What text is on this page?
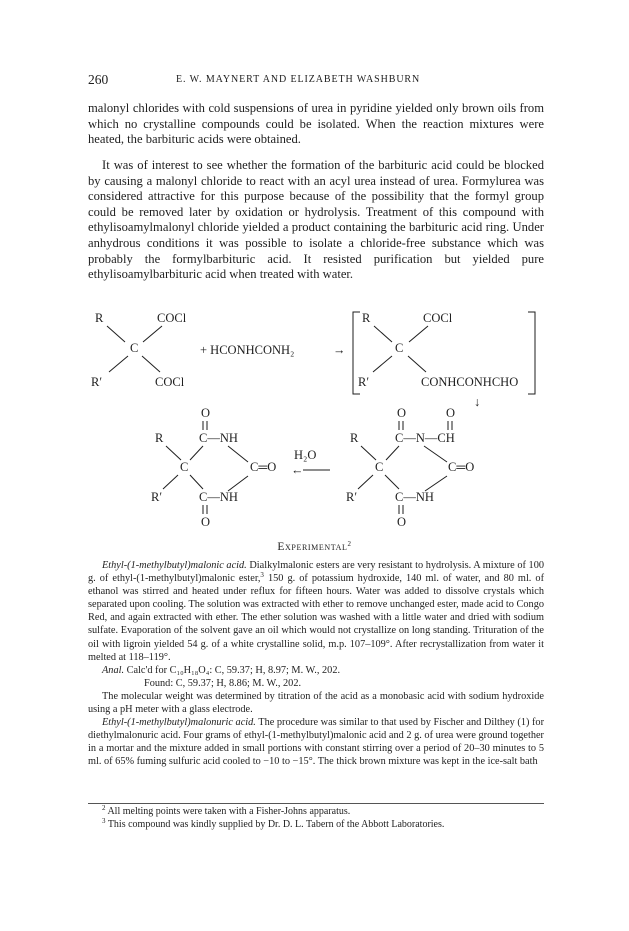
260	E. W. MAYNERT AND ELIZABETH WASHBURN

malonyl chlorides with cold suspensions of urea in pyridine yielded only brown oils from which no crystalline compounds could be isolated. When the reaction mixtures were heated, the barbituric acids were obtained.

It was of interest to see whether the formation of the barbituric acid could be blocked by causing a malonyl chloride to react with an acyl urea instead of urea. Formylurea was considered attractive for this purpose because of the possibility that the formyl group could be removed later by oxidation or hydrolysis. Treatment of this compound with ethylisoamylmalonyl chloride yielded a product containing the barbituric acid ring. Under anhydrous conditions it was possible to isolate a chloride-free substance which was probably the formylbarbituric acid. It resisted purification but yielded pure ethylisoamylbarbituric acid when treated with water.

R	COCl
C
R′	COCl
+ HCONHCONH₂	→
R	COCl
C
R′	CONHCONHCHO
↓
O
R	C—NH
C	C═O
R′	C—NH
O
H₂O
←
O	O
R	C—N—CH
C	C═O
R′	C—NH
O
Experimental$^2$

Ethyl-(1-methylbutyl)malonic acid. Dialkylmalonic esters are very resistant to hydrolysis. A mixture of 100 g. of ethyl-(1-methylbutyl)malonic ester,$^3$ 150 g. of potassium hydroxide, 140 ml. of water, and 80 ml. of ethanol was stirred and heated under reflux for fifteen hours. Water was added to dissolve crystals which separated upon cooling. The solution was extracted with ether to remove unchanged ester, made acid to Congo Red, and again extracted with ether. The ether solution was washed with a little water and dried with sodium sulfate. Evaporation of the solvent gave an oil which would not crystallize on long standing. Trituration of the oil with ligroin yielded 54 g. of a white crystalline solid, m.p. 107–109°. After recrystallization from water it melted at 118–119°.

Anal. Calc'd for C₁₀H₁₈O₄: C, 59.37; H, 8.97; M. W., 202.

Found: C, 59.37; H, 8.86; M. W., 202.

The molecular weight was determined by titration of the acid as a monobasic acid with sodium hydroxide using a pH meter with a glass electrode.

Ethyl-(1-methylbutyl)malonuric acid. The procedure was similar to that used by Fischer and Dilthey (1) for diethylmalonuric acid. Four grams of ethyl-(1-methylbutyl)malonic acid and 2 g. of urea were ground together in a mortar and the mixture added in small portions with constant stirring over a period of 20–30 minutes to 5 ml. of 65% fuming sulfuric acid cooled to −10 to −15°. The thick brown mixture was kept in the ice-salt bath

$^2$ All melting points were taken with a Fisher-Johns apparatus.

$^3$ This compound was kindly supplied by Dr. D. L. Tabern of the Abbott Laboratories.
